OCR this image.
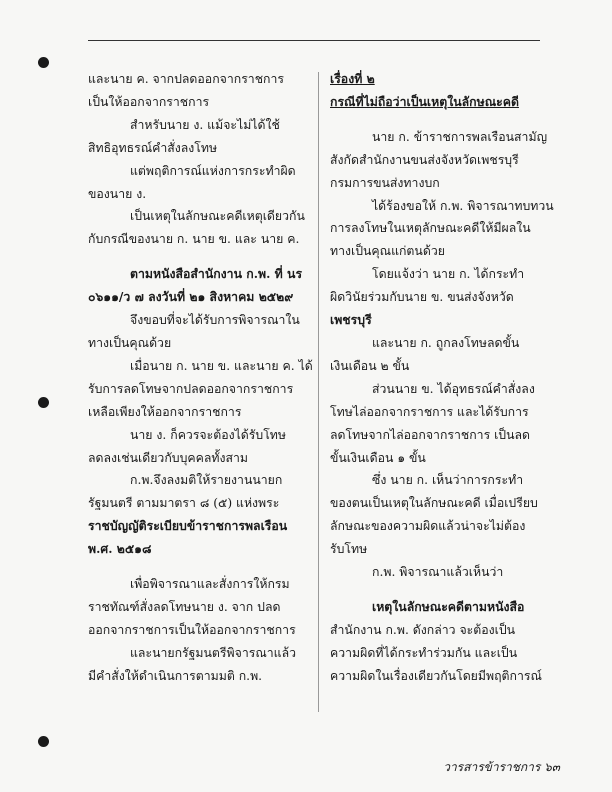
และนาย ค. จากปลดออกจากราชการ

เป็นให้ออกจากราชการ

สำหรับนาย ง. แม้จะไม่ได้ใช้

สิทธิอุทธรณ์คำสั่งลงโทษ

แต่พฤติการณ์แห่งการกระทำผิด

ของนาย ง.

เป็นเหตุในลักษณะคดีเหตุเดียวกัน

กับกรณีของนาย ก. นาย ข. และ นาย ค.

ตามหนังสือสำนักงาน ก.พ. ที่ นร

๐๖๑๑/ว ๗ ลงวันที่ ๒๑ สิงหาคม ๒๕๒๙

จึงขอบที่จะได้รับการพิจารณาใน

ทางเป็นคุณด้วย

เมื่อนาย ก. นาย ข. และนาย ค. ได้

รับการลดโทษจากปลดออกจากราชการ

เหลือเพียงให้ออกจากราชการ

นาย ง. ก็ควรจะต้องได้รับโทษ

ลดลงเช่นเดียวกับบุคคลทั้งสาม

ก.พ.จึงลงมติให้รายงานนายก

รัฐมนตรี ตามมาตรา ๘ (๕) แห่งพระ

ราชบัญญัติระเบียบข้าราชการพลเรือน

พ.ศ. ๒๕๑๘

เพื่อพิจารณาและสั่งการให้กรม

ราชทัณฑ์สั่งลดโทษนาย ง. จาก ปลด

ออกจากราชการเป็นให้ออกจากราชการ

และนายกรัฐมนตรีพิจารณาแล้ว

มีคำสั่งให้ดำเนินการตามมติ ก.พ.

เรื่องที่ ๒

กรณีที่ไม่ถือว่าเป็นเหตุในลักษณะคดี

นาย ก. ข้าราชการพลเรือนสามัญ

สังกัดสำนักงานขนส่งจังหวัดเพชรบุรี

กรมการขนส่งทางบก

ได้ร้องขอให้ ก.พ. พิจารณาทบทวน

การลงโทษในเหตุลักษณะคดีให้มีผลใน

ทางเป็นคุณแก่ตนด้วย

โดยแจ้งว่า นาย ก. ได้กระทำ

ผิดวินัยร่วมกับนาย ข. ขนส่งจังหวัด

เพชรบุรี

และนาย ก. ถูกลงโทษลดขั้น

เงินเดือน ๒ ขั้น

ส่วนนาย ข. ได้อุทธรณ์คำสั่งลง

โทษไล่ออกจากราชการ และได้รับการ

ลดโทษจากไล่ออกจากราชการ เป็นลด

ขั้นเงินเดือน ๑ ขั้น

ซึ่ง นาย ก. เห็นว่าการกระทำ

ของตนเป็นเหตุในลักษณะคดี เมื่อเปรียบ

ลักษณะของความผิดแล้วน่าจะไม่ต้อง

รับโทษ

ก.พ. พิจารณาแล้วเห็นว่า

เหตุในลักษณะคดีตามหนังสือ

สำนักงาน ก.พ. ดังกล่าว จะต้องเป็น

ความผิดที่ได้กระทำร่วมกัน และเป็น

ความผิดในเรื่องเดียวกันโดยมีพฤติการณ์

วารสารข้าราชการ ๖๓
